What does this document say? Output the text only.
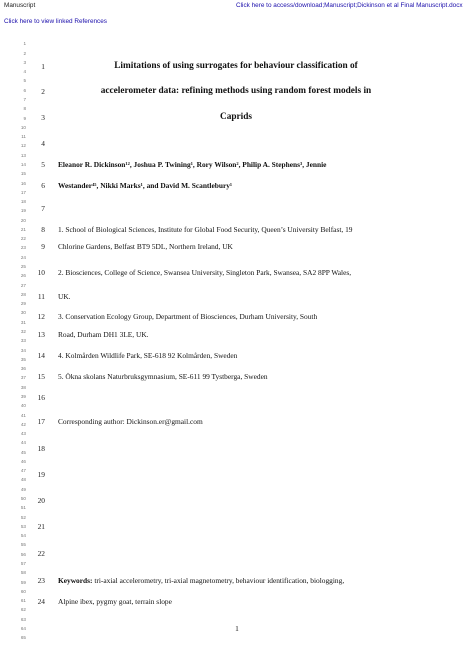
Manuscript
Click here to view linked References
Click here to access/download;Manuscript;Dickinson et al Final Manuscript.docx
1
2
3
4
5
6
7
8
9
10
11
12
13
14
15
16
17
18
19
20
21
22
23
24
25
26
27
28
29
30
31
32
33
34
35
36
37
38
39
40
41
42
43
44
45
46
47
48
49
50
51
52
53
54
55
56
57
58
59
60
61
62
63
64
65
1	Limitations of using surrogates for behaviour classification of
2	accelerometer data: refining methods using random forest models in
3	Caprids
4
5 Eleanor R. Dickinson¹², Joshua P. Twining¹, Rory Wilson², Philip A. Stephens³, Jennie
6 Westander⁴⁵, Nikki Marks¹, and David M. Scantlebury¹
7
8 1. School of Biological Sciences, Institute for Global Food Security, Queen’s University Belfast, 19
9 Chlorine Gardens, Belfast BT9 5DL, Northern Ireland, UK
10 2. Biosciences, College of Science, Swansea University, Singleton Park, Swansea, SA2 8PP Wales,
11 UK.
12 3. Conservation Ecology Group, Department of Biosciences, Durham University, South
13 Road, Durham DH1 3LE, UK.
14 4. Kolmården Wildlife Park, SE-618 92 Kolmården, Sweden
15 5. Ökna skolans Naturbruksgymnasium, SE-611 99 Tystberga, Sweden
16
17 Corresponding author: Dickinson.er@gmail.com
18
19
20
21
22
23 Keywords: tri-axial accelerometry, tri-axial magnetometry, behaviour identification, biologging,
24 Alpine ibex, pygmy goat, terrain slope
1
